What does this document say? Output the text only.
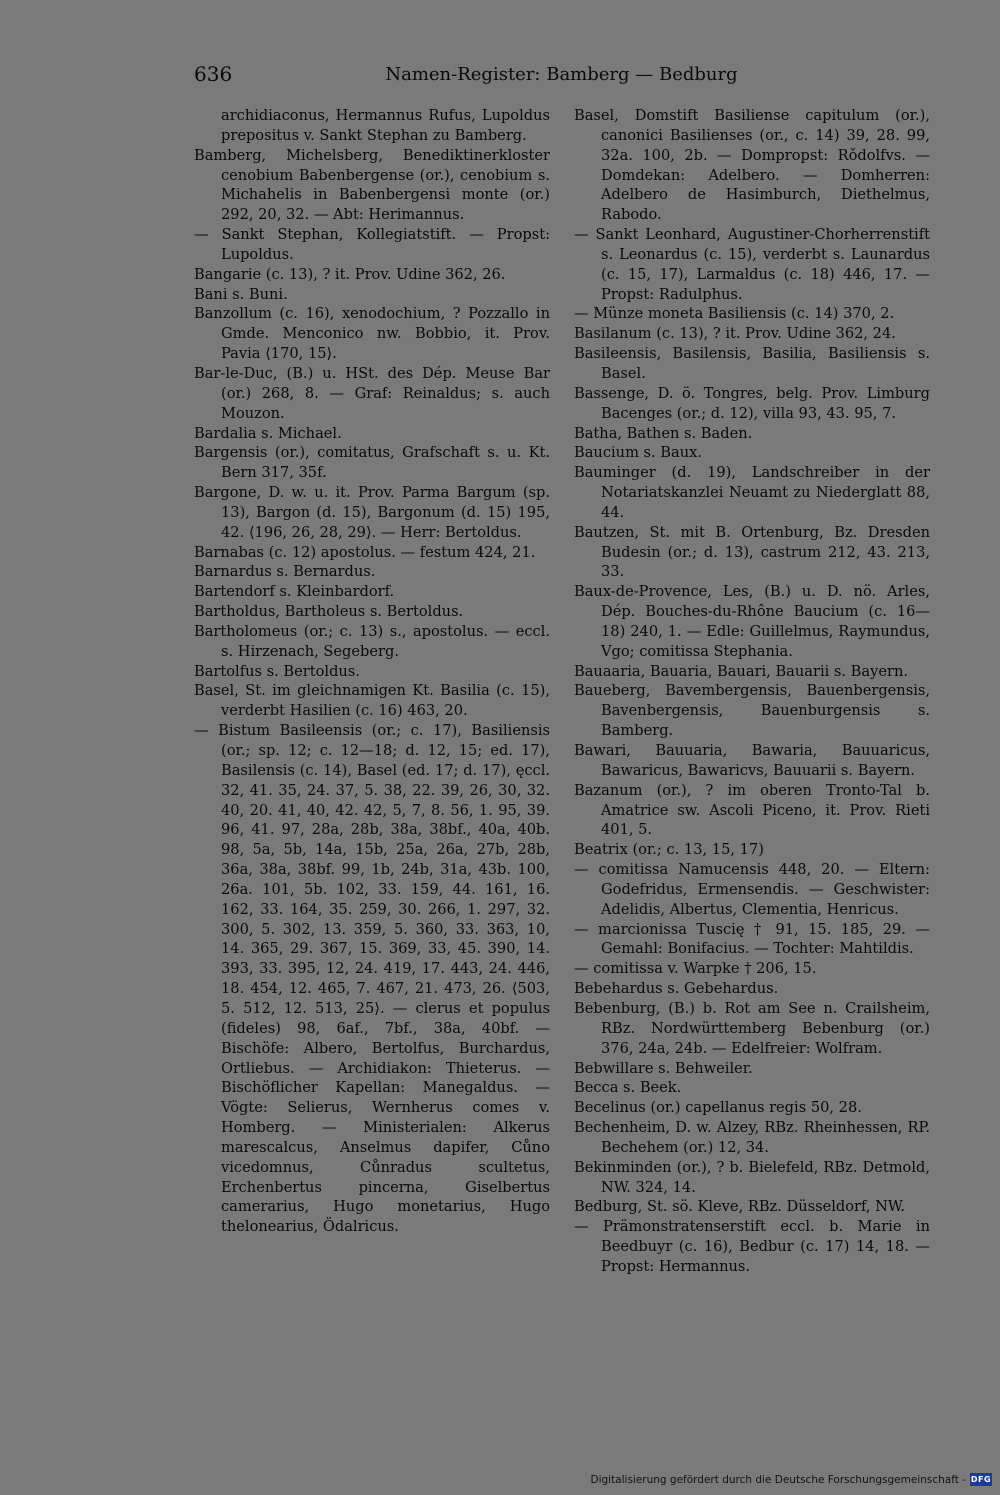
636	Namen-Register: Bamberg — Bedburg

archidiaconus, Hermannus Rufus, Lupoldus prepositus v. Sankt Stephan zu Bamberg.

Bamberg, Michelsberg, Benediktinerkloster cenobium Babenbergense (or.), cenobium s. Michahelis in Babenbergensi monte (or.) 292, 20, 32. — Abt: Herimannus.

— Sankt Stephan, Kollegiatstift. — Propst: Lupoldus.

Bangarie (c. 13), ? it. Prov. Udine 362, 26.

Bani s. Buni.

Banzollum (c. 16), xenodochium, ? Pozzallo in Gmde. Menconico nw. Bobbio, it. Prov. Pavia ⟨170, 15⟩.

Bar-le-Duc, (B.) u. HSt. des Dép. Meuse Bar (or.) 268, 8. — Graf: Reinaldus; s. auch Mouzon.

Bardalia s. Michael.

Bargensis (or.), comitatus, Grafschaft s. u. Kt. Bern 317, 35f.

Bargone, D. w. u. it. Prov. Parma Bargum (sp. 13), Bargon (d. 15), Bargonum (d. 15) 195, 42. ⟨196, 26, 28, 29⟩. — Herr: Bertoldus.

Barnabas (c. 12) apostolus. — festum 424, 21.

Barnardus s. Bernardus.

Bartendorf s. Kleinbardorf.

Bartholdus, Bartholeus s. Bertoldus.

Bartholomeus (or.; c. 13) s., apostolus. — eccl. s. Hirzenach, Segeberg.

Bartolfus s. Bertoldus.

Basel, St. im gleichnamigen Kt. Basilia (c. 15), verderbt Hasilien (c. 16) 463, 20.

— Bistum Basileensis (or.; c. 17), Basiliensis (or.; sp. 12; c. 12—18; d. 12, 15; ed. 17), Basilensis (c. 14), Basel (ed. 17; d. 17), ęccl. 32, 41. 35, 24. 37, 5. 38, 22. 39, 26, 30, 32. 40, 20. 41, 40, 42. 42, 5, 7, 8. 56, 1. 95, 39. 96, 41. 97, 28a, 28b, 38a, 38bf., 40a, 40b. 98, 5a, 5b, 14a, 15b, 25a, 26a, 27b, 28b, 36a, 38a, 38bf. 99, 1b, 24b, 31a, 43b. 100, 26a. 101, 5b. 102, 33. 159, 44. 161, 16. 162, 33. 164, 35. 259, 30. 266, 1. 297, 32. 300, 5. 302, 13. 359, 5. 360, 33. 363, 10, 14. 365, 29. 367, 15. 369, 33, 45. 390, 14. 393, 33. 395, 12, 24. 419, 17. 443, 24. 446, 18. 454, 12. 465, 7. 467, 21. 473, 26. ⟨503, 5. 512, 12. 513, 25⟩. — clerus et populus (fideles) 98, 6af., 7bf., 38a, 40bf. — Bischöfe: Albero, Bertolfus, Burchardus, Ortliebus. — Archidiakon: Thieterus. — Bischöflicher Kapellan: Manegaldus. — Vögte: Selierus, Wernherus comes v. Homberg. — Ministerialen: Alkerus marescalcus, Anselmus dapifer, Cůno vicedomnus, Cůnradus scultetus, Erchenbertus pincerna, Giselbertus camerarius, Hugo monetarius, Hugo thelonearius, Ödalricus.

Basel, Domstift Basiliense capitulum (or.), canonici Basilienses (or., c. 14) 39, 28. 99, 32a. 100, 2b. — Dompropst: Rǒdolfvs. — Domdekan: Adelbero. — Domherren: Adelbero de Hasimburch, Diethelmus, Rabodo.

— Sankt Leonhard, Augustiner-Chorherrenstift s. Leonardus (c. 15), verderbt s. Launardus (c. 15, 17), Larmaldus (c. 18) 446, 17. — Propst: Radulphus.

— Münze moneta Basiliensis (c. 14) 370, 2.

Basilanum (c. 13), ? it. Prov. Udine 362, 24.

Basileensis, Basilensis, Basilia, Basiliensis s. Basel.

Bassenge, D. ö. Tongres, belg. Prov. Limburg Bacenges (or.; d. 12), villa 93, 43. 95, 7.

Batha, Bathen s. Baden.

Baucium s. Baux.

Bauminger (d. 19), Landschreiber in der Notariatskanzlei Neuamt zu Niederglatt 88, 44.

Bautzen, St. mit B. Ortenburg, Bz. Dresden Budesin (or.; d. 13), castrum 212, 43. 213, 33.

Baux-de-Provence, Les, (B.) u. D. nö. Arles, Dép. Bouches-du-Rhône Baucium (c. 16—18) 240, 1. — Edle: Guillelmus, Raymundus, Vgo; comitissa Stephania.

Bauaaria, Bauaria, Bauari, Bauarii s. Bayern.

Baueberg, Bavembergensis, Bauenbergensis, Bavenbergensis, Bauenburgensis s. Bamberg.

Bawari, Bauuaria, Bawaria, Bauuaricus, Bawaricus, Bawaricvs, Bauuarii s. Bayern.

Bazanum (or.), ? im oberen Tronto-Tal b. Amatrice sw. Ascoli Piceno, it. Prov. Rieti 401, 5.

Beatrix (or.; c. 13, 15, 17)

— comitissa Namucensis 448, 20. — Eltern: Godefridus, Ermensendis. — Geschwister: Adelidis, Albertus, Clementia, Henricus.

— marcionissa Tuscię † 91, 15. 185, 29. — Gemahl: Bonifacius. — Tochter: Mahtildis.

— comitissa v. Warpke † 206, 15.

Bebehardus s. Gebehardus.

Bebenburg, (B.) b. Rot am See n. Crailsheim, RBz. Nordwürttemberg Bebenburg (or.) 376, 24a, 24b. — Edelfreier: Wolfram.

Bebwillare s. Behweiler.

Becca s. Beek.

Becelinus (or.) capellanus regis 50, 28.

Bechenheim, D. w. Alzey, RBz. Rheinhessen, RP. Bechehem (or.) 12, 34.

Bekinminden (or.), ? b. Bielefeld, RBz. Detmold, NW. 324, 14.

Bedburg, St. sö. Kleve, RBz. Düsseldorf, NW.

— Prämonstratenserstift eccl. b. Marie in Beedbuyr (c. 16), Bedbur (c. 17) 14, 18. — Propst: Hermannus.

Digitalisierung gefördert durch die Deutsche Forschungsgemeinschaft - DFG
